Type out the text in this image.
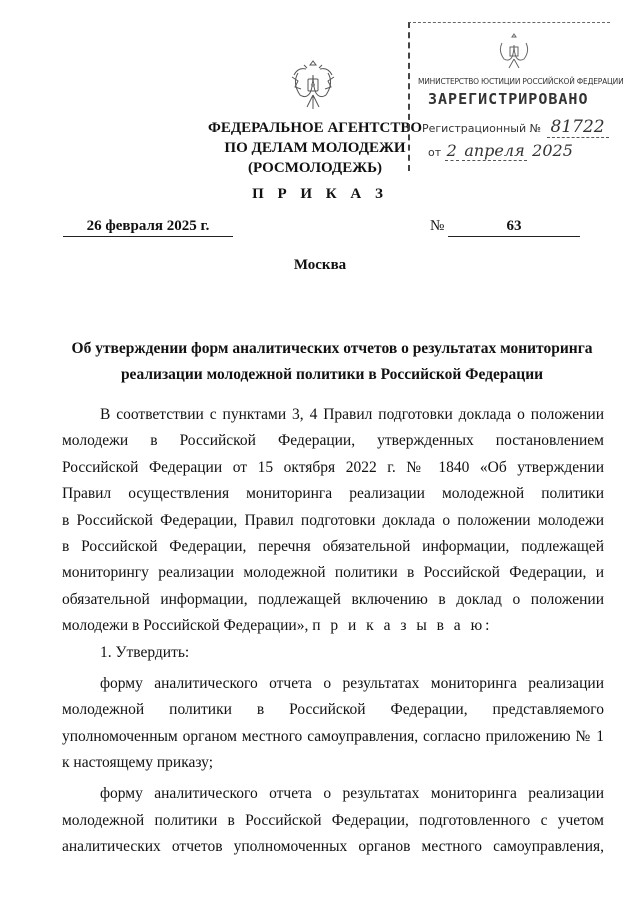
ФЕДЕРАЛЬНОЕ АГЕНТСТВО
ПО ДЕЛАМ МОЛОДЕЖИ
(РОСМОЛОДЕЖЬ)
МИНИСТЕРСТВО ЮСТИЦИИ РОССИЙСКОЙ ФЕДЕРАЦИИ
ЗАРЕГИСТРИРОВАНО
Регистрационный № 81722
от 2 апреля 2025
П Р И К А З
26 февраля 2025 г.	№	63
Москва
Об утверждении форм аналитических отчетов о результатах мониторинга
реализации молодежной политики в Российской Федерации
В соответствии с пунктами 3, 4 Правил подготовки доклада о положении
молодежи в Российской Федерации, утвержденных постановлением
Российской Федерации от 15 октября 2022 г. № 1840 «Об утверждении
Правил осуществления мониторинга реализации молодежной политики
в Российской Федерации, Правил подготовки доклада о положении молодежи
в Российской Федерации, перечня обязательной информации, подлежащей
мониторингу реализации молодежной политики в Российской Федерации, и
обязательной информации, подлежащей включению в доклад о положении
молодежи в Российской Федерации», п р и к а з ы в а ю:
1. Утвердить:
форму аналитического отчета о результатах мониторинга реализации
молодежной политики в Российской Федерации, представляемого
уполномоченным органом местного самоуправления, согласно приложению № 1
к настоящему приказу;
форму аналитического отчета о результатах мониторинга реализации
молодежной политики в Российской Федерации, подготовленного с учетом
аналитических отчетов уполномоченных органов местного самоуправления,
